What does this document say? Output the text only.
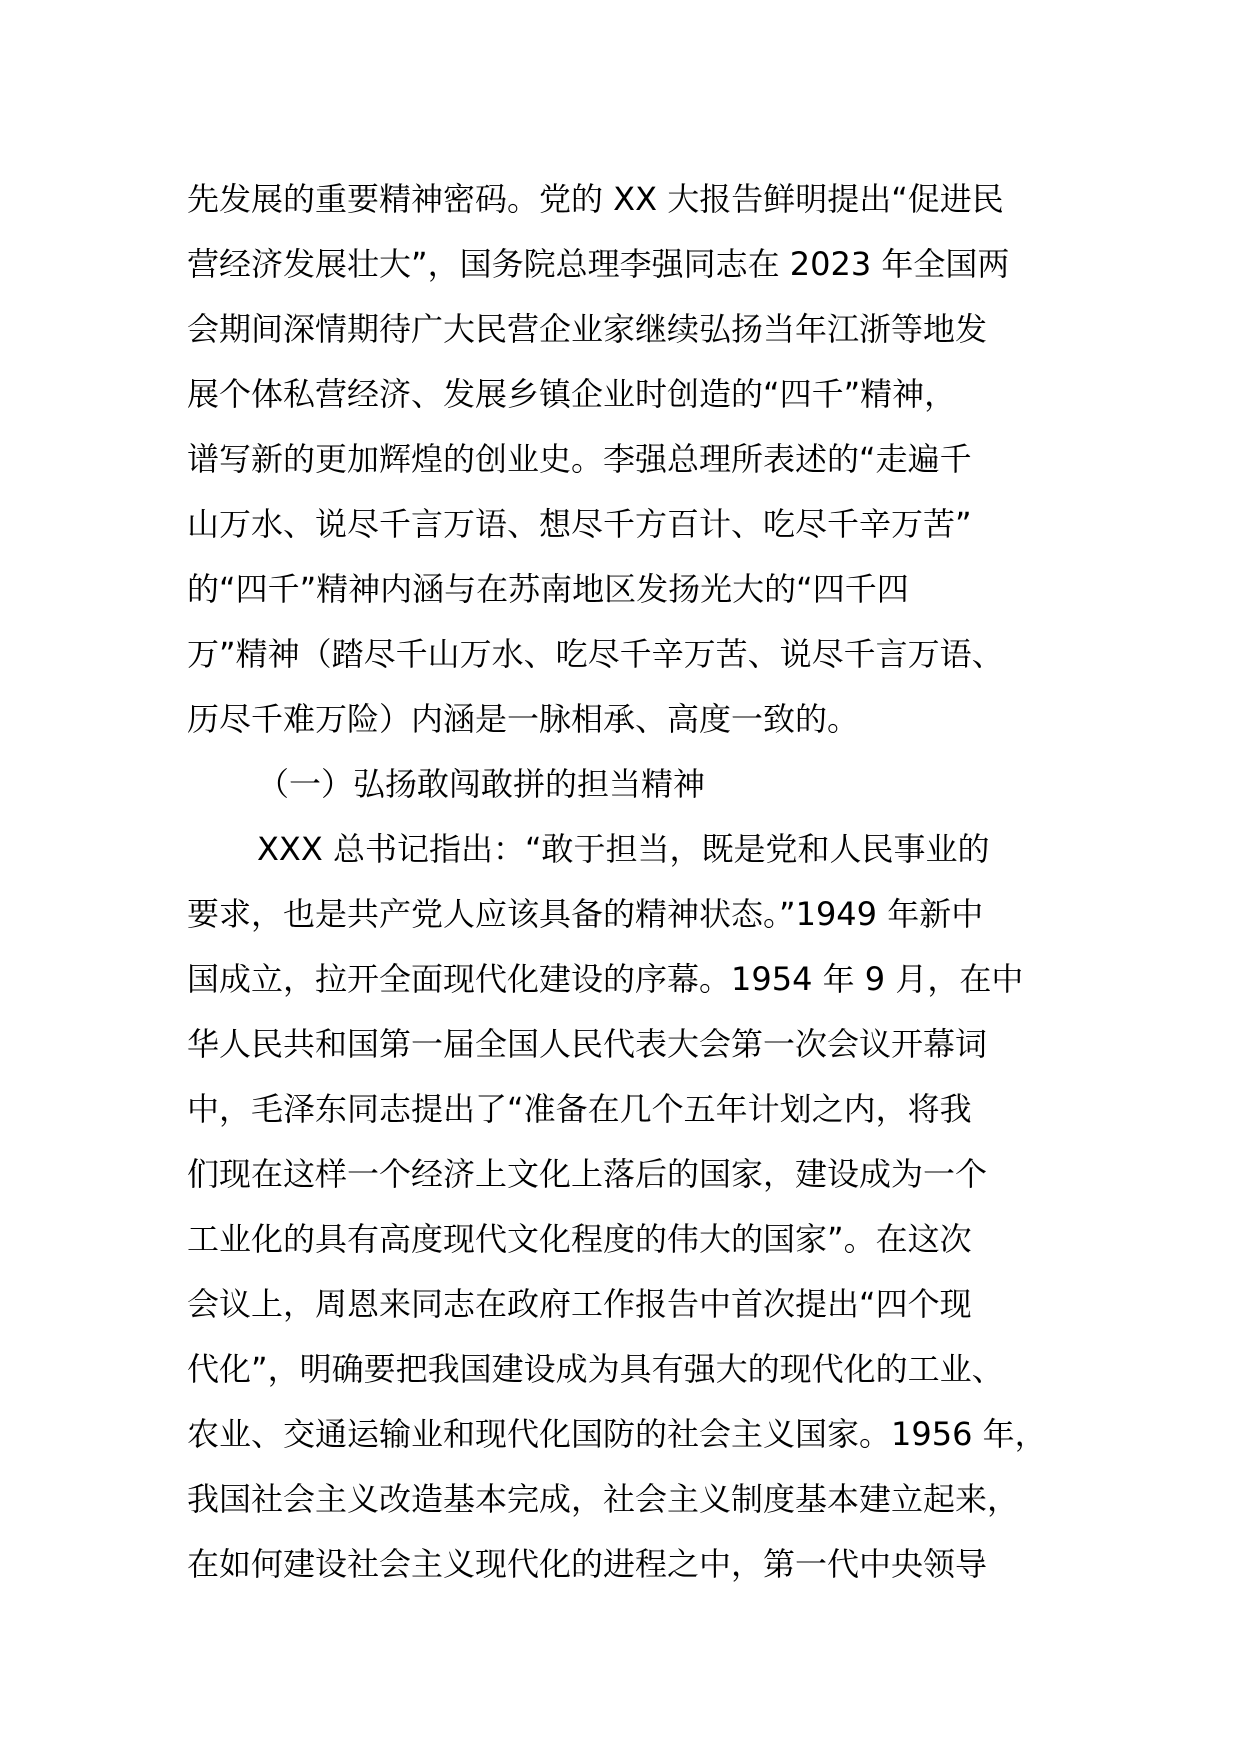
先发展的重要精神密码。党的 XX 大报告鲜明提出“促进民
营经济发展壮大”，国务院总理李强同志在 2023 年全国两
会期间深情期待广大民营企业家继续弘扬当年江浙等地发
展个体私营经济、发展乡镇企业时创造的“四千”精神，
谱写新的更加辉煌的创业史。李强总理所表述的“走遍千
山万水、说尽千言万语、想尽千方百计、吃尽千辛万苦”
的“四千”精神内涵与在苏南地区发扬光大的“四千四
万”精神（踏尽千山万水、吃尽千辛万苦、说尽千言万语、
历尽千难万险）内涵是一脉相承、高度一致的。
（一）弘扬敢闯敢拼的担当精神
XXX 总书记指出：“敢于担当，既是党和人民事业的
要求，也是共产党人应该具备的精神状态。”1949 年新中
国成立，拉开全面现代化建设的序幕。1954 年 9 月，在中
华人民共和国第一届全国人民代表大会第一次会议开幕词
中，毛泽东同志提出了“准备在几个五年计划之内，将我
们现在这样一个经济上文化上落后的国家，建设成为一个
工业化的具有高度现代文化程度的伟大的国家”。在这次
会议上，周恩来同志在政府工作报告中首次提出“四个现
代化”，明确要把我国建设成为具有强大的现代化的工业、
农业、交通运输业和现代化国防的社会主义国家。1956 年，
我国社会主义改造基本完成，社会主义制度基本建立起来，
在如何建设社会主义现代化的进程之中，第一代中央领导
